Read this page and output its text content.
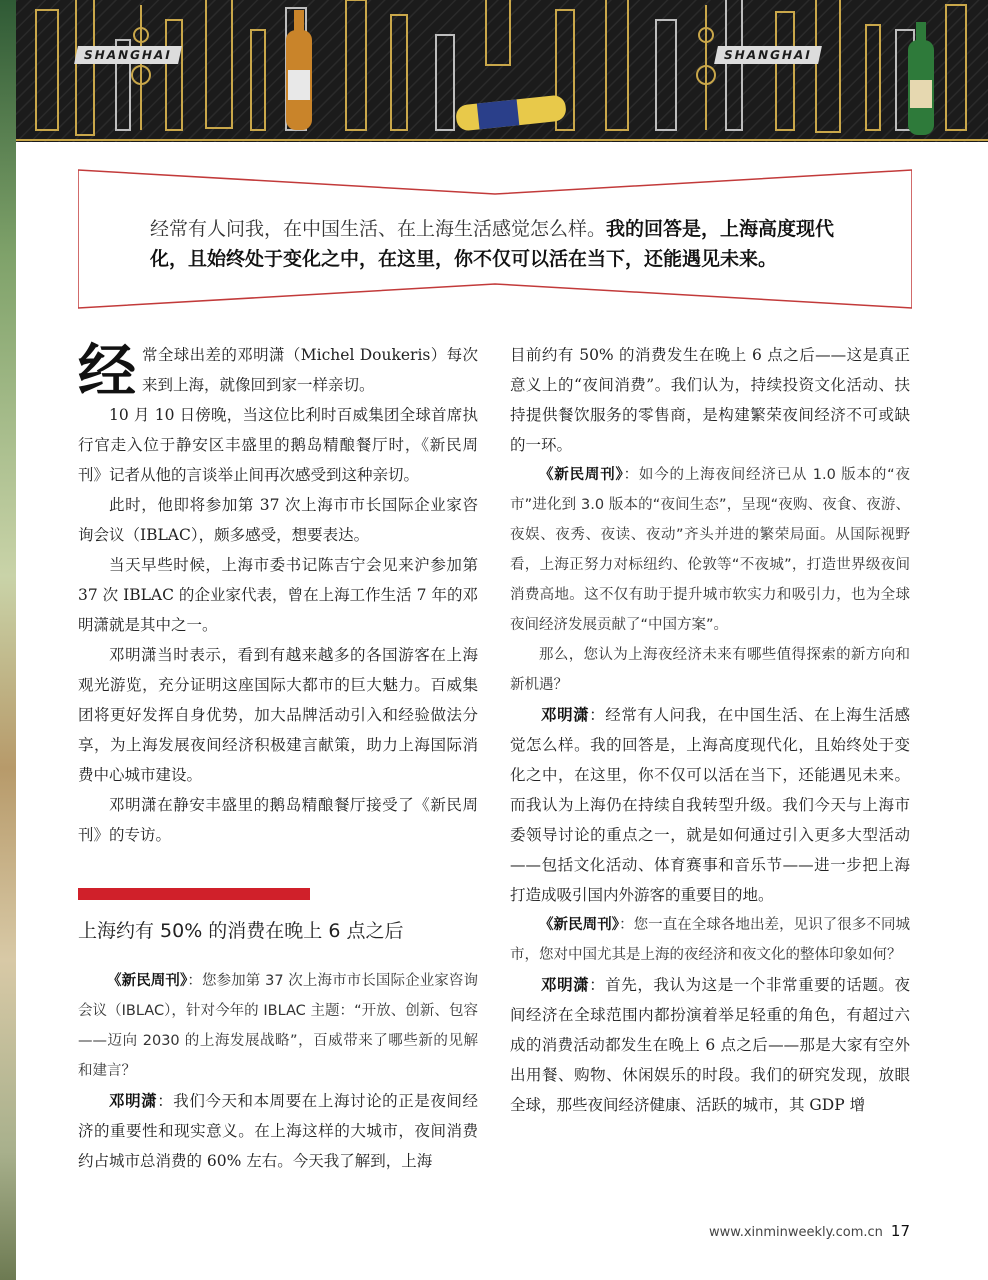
SHANGHAI	SHANGHAI
经常有人问我，在中国生活、在上海生活感觉怎么样。我的回答是，上海高度现代化，且始终处于变化之中，在这里，你不仅可以活在当下，还能遇见未来。

经常全球出差的邓明潇（Michel Doukeris）每次来到上海，就像回到家一样亲切。

10 月 10 日傍晚，当这位比利时百威集团全球首席执行官走入位于静安区丰盛里的鹅岛精酿餐厅时，《新民周刊》记者从他的言谈举止间再次感受到这种亲切。

此时，他即将参加第 37 次上海市市长国际企业家咨询会议（IBLAC），颇多感受，想要表达。

当天早些时候，上海市委书记陈吉宁会见来沪参加第 37 次 IBLAC 的企业家代表，曾在上海工作生活 7 年的邓明潇就是其中之一。

邓明潇当时表示，看到有越来越多的各国游客在上海观光游览，充分证明这座国际大都市的巨大魅力。百威集团将更好发挥自身优势，加大品牌活动引入和经验做法分享，为上海发展夜间经济积极建言献策，助力上海国际消费中心城市建设。

邓明潇在静安丰盛里的鹅岛精酿餐厅接受了《新民周刊》的专访。

上海约有 50% 的消费在晚上 6 点之后

《新民周刊》：您参加第 37 次上海市市长国际企业家咨询会议（IBLAC），针对今年的 IBLAC 主题：“开放、创新、包容——迈向 2030 的上海发展战略”，百威带来了哪些新的见解和建言？

邓明潇：我们今天和本周要在上海讨论的正是夜间经济的重要性和现实意义。在上海这样的大城市，夜间消费约占城市总消费的 60% 左右。今天我了解到，上海

目前约有 50% 的消费发生在晚上 6 点之后——这是真正意义上的“夜间消费”。我们认为，持续投资文化活动、扶持提供餐饮服务的零售商，是构建繁荣夜间经济不可或缺的一环。

《新民周刊》：如今的上海夜间经济已从 1.0 版本的“夜市”进化到 3.0 版本的“夜间生态”，呈现“夜购、夜食、夜游、夜娱、夜秀、夜读、夜动”齐头并进的繁荣局面。从国际视野看，上海正努力对标纽约、伦敦等“不夜城”，打造世界级夜间消费高地。这不仅有助于提升城市软实力和吸引力，也为全球夜间经济发展贡献了“中国方案”。

那么，您认为上海夜经济未来有哪些值得探索的新方向和新机遇？

邓明潇：经常有人问我，在中国生活、在上海生活感觉怎么样。我的回答是，上海高度现代化，且始终处于变化之中，在这里，你不仅可以活在当下，还能遇见未来。而我认为上海仍在持续自我转型升级。我们今天与上海市委领导讨论的重点之一，就是如何通过引入更多大型活动——包括文化活动、体育赛事和音乐节——进一步把上海打造成吸引国内外游客的重要目的地。

《新民周刊》：您一直在全球各地出差，见识了很多不同城市，您对中国尤其是上海的夜经济和夜文化的整体印象如何？

邓明潇：首先，我认为这是一个非常重要的话题。夜间经济在全球范围内都扮演着举足轻重的角色，有超过六成的消费活动都发生在晚上 6 点之后——那是大家有空外出用餐、购物、休闲娱乐的时段。我们的研究发现，放眼全球，那些夜间经济健康、活跃的城市，其 GDP 增

www.xinminweekly.com.cn 17
